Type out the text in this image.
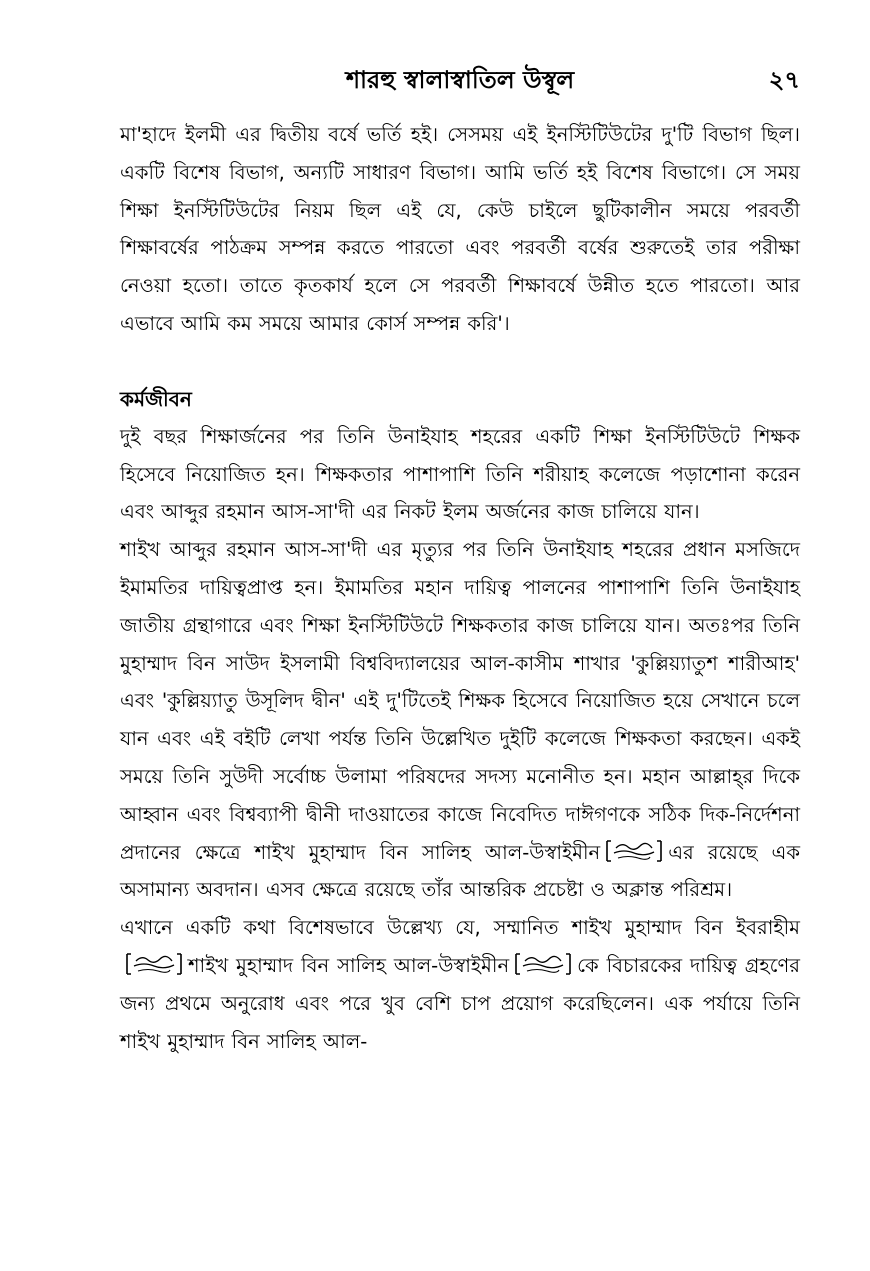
শারহু স্বালাস্বাতিল উস্বূল	২৭

মা'হাদে ইলমী এর দ্বিতীয় বর্ষে ভর্তি হই। সেসময় এই ইনস্টিটিউটের দু'টি বিভাগ ছিল। একটি বিশেষ বিভাগ, অন্যটি সাধারণ বিভাগ। আমি ভর্তি হই বিশেষ বিভাগে। সে সময় শিক্ষা ইনস্টিটিউটের নিয়ম ছিল এই যে, কেউ চাইলে ছুটিকালীন সময়ে পরবর্তী শিক্ষাবর্ষের পাঠক্রম সম্পন্ন করতে পারতো এবং পরবর্তী বর্ষের শুরুতেই তার পরীক্ষা নেওয়া হতো। তাতে কৃতকার্য হলে সে পরবর্তী শিক্ষাবর্ষে উন্নীত হতে পারতো। আর এভাবে আমি কম সময়ে আমার কোর্স সম্পন্ন করি'।

কর্মজীবন

দুই বছর শিক্ষার্জনের পর তিনি উনাইযাহ শহরের একটি শিক্ষা ইনস্টিটিউটে শিক্ষক হিসেবে নিয়োজিত হন। শিক্ষকতার পাশাপাশি তিনি শরীয়াহ কলেজে পড়াশোনা করেন এবং আব্দুর রহমান আস-সা'দী এর নিকট ইলম অর্জনের কাজ চালিয়ে যান।

শাইখ আব্দুর রহমান আস-সা'দী এর মৃত্যুর পর তিনি উনাইযাহ শহরের প্রধান মসজিদে ইমামতির দায়িত্বপ্রাপ্ত হন। ইমামতির মহান দায়িত্ব পালনের পাশাপাশি তিনি উনাইযাহ জাতীয় গ্রন্থাগারে এবং শিক্ষা ইনস্টিটিউটে শিক্ষকতার কাজ চালিয়ে যান। অতঃপর তিনি মুহাম্মাদ বিন সাউদ ইসলামী বিশ্ববিদ্যালয়ের আল-কাসীম শাখার 'কুল্লিয়্যাতুশ শারীআহ' এবং 'কুল্লিয়্যাতু উসূলিদ দ্বীন' এই দু'টিতেই শিক্ষক হিসেবে নিয়োজিত হয়ে সেখানে চলে যান এবং এই বইটি লেখা পর্যন্ত তিনি উল্লেখিত দুইটি কলেজে শিক্ষকতা করছেন। একই সময়ে তিনি সুউদী সর্বোচ্চ উলামা পরিষদের সদস্য মনোনীত হন। মহান আল্লাহ্‌র দিকে আহ্বান এবং বিশ্বব্যাপী দ্বীনী দাওয়াতের কাজে নিবেদিত দাঈগণকে সঠিক দিক-নির্দেশনা প্রদানের ক্ষেত্রে শাইখ মুহাম্মাদ বিন সালিহ আল-উস্বাইমীন	এর রয়েছে এক অসামান্য অবদান। এসব ক্ষেত্রে রয়েছে তাঁর আন্তরিক প্রচেষ্টা ও অক্লান্ত পরিশ্রম।

এখানে একটি কথা বিশেষভাবে উল্লেখ্য যে, সম্মানিত শাইখ মুহাম্মাদ বিন ইবরাহীম
শাইখ মুহাম্মাদ বিন সালিহ আল-উস্বাইমীন	কে বিচারকের দায়িত্ব গ্রহণের জন্য প্রথমে অনুরোধ এবং পরে খুব বেশি চাপ প্রয়োগ করেছিলেন। এক পর্যায়ে তিনি শাইখ মুহাম্মাদ বিন সালিহ আল-
